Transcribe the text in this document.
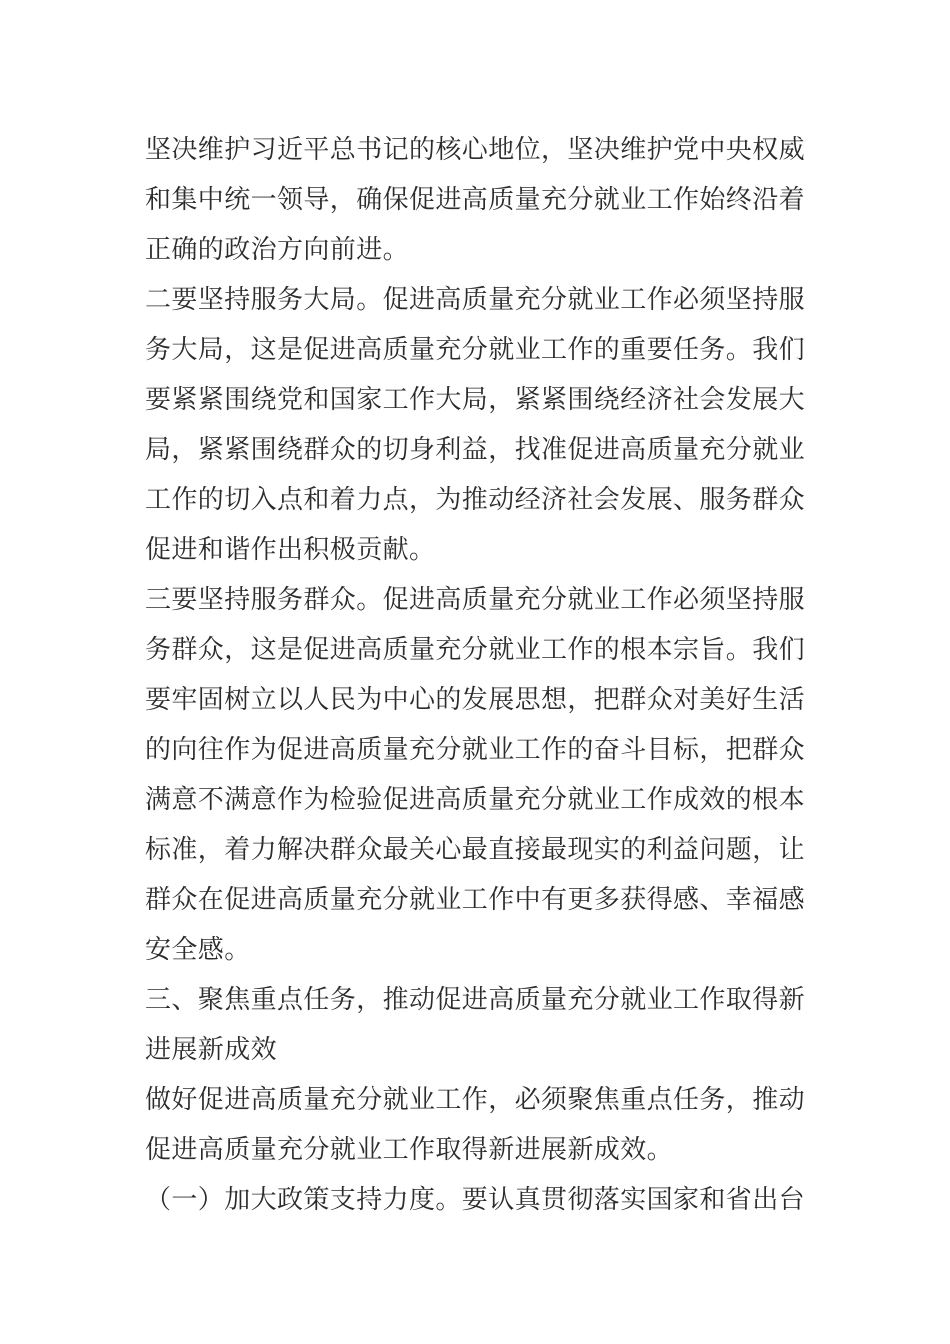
坚决维护习近平总书记的核心地位，坚决维护党中央权威
和集中统一领导，确保促进高质量充分就业工作始终沿着
正确的政治方向前进。
二要坚持服务大局。促进高质量充分就业工作必须坚持服
务大局，这是促进高质量充分就业工作的重要任务。我们
要紧紧围绕党和国家工作大局，紧紧围绕经济社会发展大
局，紧紧围绕群众的切身利益，找准促进高质量充分就业
工作的切入点和着力点，为推动经济社会发展、服务群众
促进和谐作出积极贡献。
三要坚持服务群众。促进高质量充分就业工作必须坚持服
务群众，这是促进高质量充分就业工作的根本宗旨。我们
要牢固树立以人民为中心的发展思想，把群众对美好生活
的向往作为促进高质量充分就业工作的奋斗目标，把群众
满意不满意作为检验促进高质量充分就业工作成效的根本
标准，着力解决群众最关心最直接最现实的利益问题，让
群众在促进高质量充分就业工作中有更多获得感、幸福感
安全感。
三、聚焦重点任务，推动促进高质量充分就业工作取得新
进展新成效
做好促进高质量充分就业工作，必须聚焦重点任务，推动
促进高质量充分就业工作取得新进展新成效。
（一）加大政策支持力度。要认真贯彻落实国家和省出台
